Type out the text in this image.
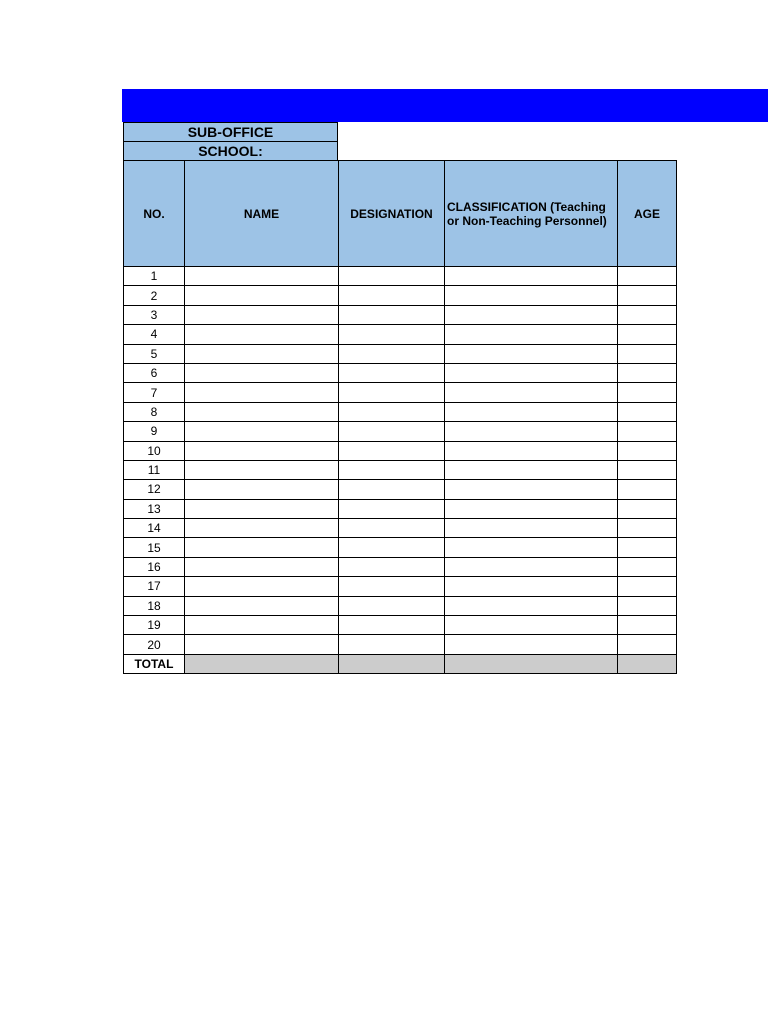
SUB-OFFICE
SCHOOL:
NO.	NAME	DESIGNATION	CLASSIFICATION (Teaching or Non-Teaching Personnel)	AGE
1				
2				
3				
4				
5				
6				
7				
8				
9				
10				
11				
12				
13				
14				
15				
16				
17				
18				
19				
20				
TOTAL				
